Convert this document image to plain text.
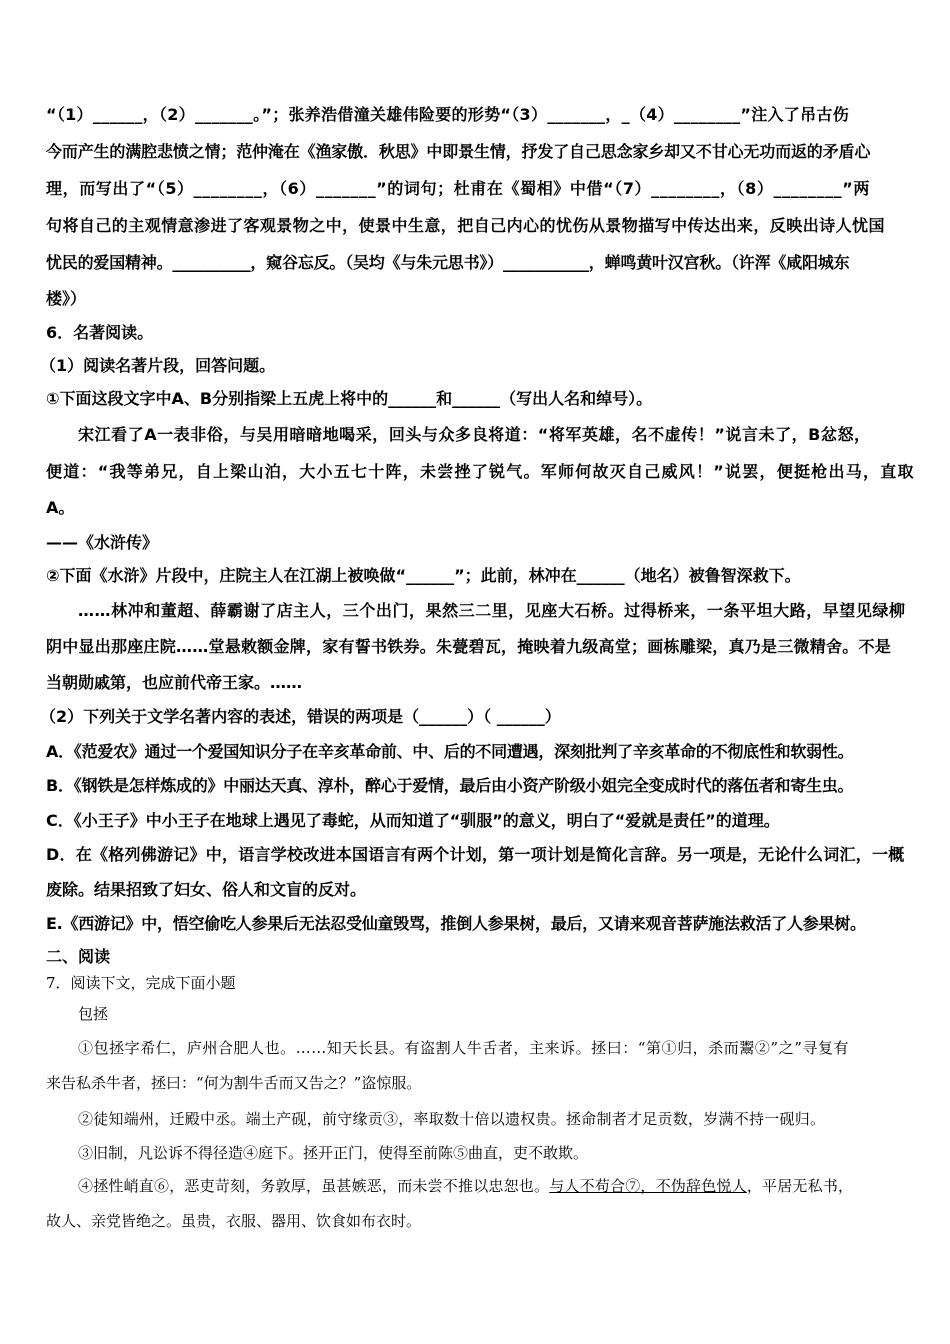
“（1）______，（2）_______。”；张养浩借潼关雄伟险要的形势“（3）_______，_（4）________”注入了吊古伤
今而产生的满腔悲愤之情；范仲淹在《渔家傲．秋思》中即景生情，抒发了自己思念家乡却又不甘心无功而返的矛盾心
理，而写出了“（5）________，（6）_______”的词句；杜甫在《蜀相》中借“（7）________，（8）________”两
句将自己的主观情意渗进了客观景物之中，使景中生意，把自己内心的忧伤从景物描写中传达出来，反映出诗人忧国
忧民的爱国精神。__________，窥谷忘反。（吴均《与朱元思书》）___________，蝉鸣黄叶汉宫秋。（许浑《咸阳城东
楼》）
6．名著阅读。
（1）阅读名著片段，回答问题。
①下面这段文字中A、B分别指梁上五虎上将中的______和______（写出人名和绰号）。
宋江看了A一表非俗，与吴用暗暗地喝采，回头与众多良将道：“将军英雄，名不虚传！”说言未了，B忿怒，
便道：“我等弟兄，自上梁山泊，大小五七十阵，未尝挫了锐气。军师何故灭自己威风！”说罢，便挺枪出马，直取
A。
——《水浒传》
②下面《水浒》片段中，庄院主人在江湖上被唤做“______”；此前，林冲在______（地名）被鲁智深救下。
……林冲和董超、薛霸谢了店主人，三个出门，果然三二里，见座大石桥。过得桥来，一条平坦大路，早望见绿柳
阴中显出那座庄院……堂悬敕额金牌，家有誓书铁券。朱甍碧瓦，掩映着九级高堂；画栋雕梁，真乃是三微精舍。不是
当朝勋戚第，也应前代帝王家。……
（2）下列关于文学名著内容的表述，错误的两项是（______）（ ______）
A．《范爱农》通过一个爱国知识分子在辛亥革命前、中、后的不同遭遇，深刻批判了辛亥革命的不彻底性和软弱性。
B．《钢铁是怎样炼成的》中丽达天真、淳朴，醉心于爱情，最后由小资产阶级小姐完全变成时代的落伍者和寄生虫。
C．《小王子》中小王子在地球上遇见了毒蛇，从而知道了“驯服”的意义，明白了“爱就是责任”的道理。
D．在《格列佛游记》中，语言学校改进本国语言有两个计划，第一项计划是简化言辞。另一项是，无论什么词汇，一概
废除。结果招致了妇女、俗人和文盲的反对。
E.《西游记》中，悟空偷吃人参果后无法忍受仙童毁骂，推倒人参果树，最后，又请来观音菩萨施法救活了人参果树。
二、阅读
7．阅读下文，完成下面小题
包拯
①包拯字希仁，庐州合肥人也。……知天长县。有盗割人牛舌者，主来诉。拯曰：“第①归，杀而鬻②”之”寻复有
来告私杀牛者，拯曰：“何为割牛舌而又告之？”盗惊服。
②徒知端州，迁殿中丞。端土产砚，前守缘贡③，率取数十倍以遗权贵。拯命制者才足贡数，岁满不持一砚归。
③旧制，凡讼诉不得径造④庭下。拯开正门，使得至前陈⑤曲直，吏不敢欺。
④拯性峭直⑥，恶吏苛刻，务敦厚，虽甚嫉恶，而未尝不推以忠恕也。与人不苟合⑦，不伪辞色悦人，平居无私书，
故人、亲党皆绝之。虽贵，衣服、器用、饮食如布衣时。
